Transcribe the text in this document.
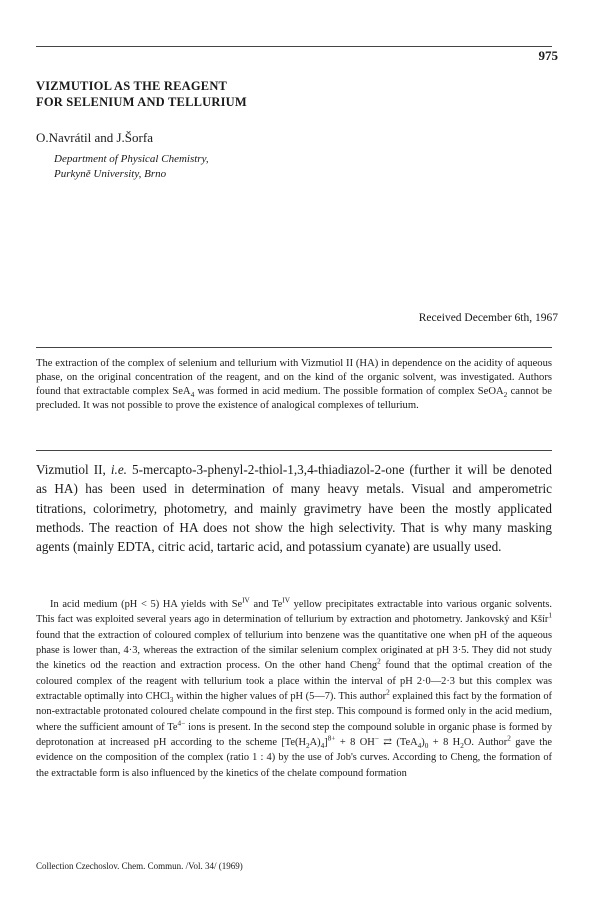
975
VIZMUTIOL AS THE REAGENT
FOR SELENIUM AND TELLURIUM
O.Navrátil and J.Šorfa
Department of Physical Chemistry,
Purkyně University, Brno
Received December 6th, 1967

The extraction of the complex of selenium and tellurium with Vizmutiol II (HA) in dependence on the acidity of aqueous phase, on the original concentration of the reagent, and on the kind of the organic solvent, was investigated. Authors found that extractable complex SeA$_4$ was formed in acid medium. The possible formation of complex SeOA$_2$ cannot be precluded. It was not possible to prove the existence of analogical complexes of tellurium.

Vizmutiol II, i.e. 5-mercapto-3-phenyl-2-thiol-1,3,4-thiadiazol-2-one (further it will be denoted as HA) has been used in determination of many heavy metals. Visual and amperometric titrations, colorimetry, photometry, and mainly gravimetry have been the mostly applicated methods. The reaction of HA does not show the high selectivity. That is why many masking agents (mainly EDTA, citric acid, tartaric acid, and potassium cyanate) are usually used.

In acid medium (pH < 5) HA yields with $Se^{IV}$ and $Te^{IV}$ yellow precipitates extractable into various organic solvents. This fact was exploited several years ago in determination of tellurium by extraction and photometry. Jankovský and Kšír$^1$ found that the extraction of coloured complex of tellurium into benzene was the quantitative one when pH of the aqueous phase is lower than, 4·3, whereas the extraction of the similar selenium complex originated at pH 3·5. They did not study the kinetics od the reaction and extraction process. On the other hand Cheng$^2$ found that the optimal creation of the coloured complex of the reagent with tellurium took a place within the interval of pH 2·0—2·3 but this complex was extractable optimally into CHCl$_3$ within the higher values of pH (5—7). This author$^2$ explained this fact by the formation of non-extractable protonated coloured chelate compound in the first step. This compound is formed only in the acid medium, where the sufficient amount of $Te^{4-}$ ions is present. In the second step the compound soluble in organic phase is formed by deprotonation at increased pH according to the scheme $[Te(H_2A)_4]^{8+} + 8$ OH− ⇄ $(TeA_4)_0 + 8$ $H_2O$. Author$^2$ gave the evidence on the composition of the complex (ratio 1 : 4) by the use of Job's curves. According to Cheng, the formation of the extractable form is also influenced by the kinetics of the chelate compound formation

Collection Czechoslov. Chem. Commun. /Vol. 34/ (1969)
